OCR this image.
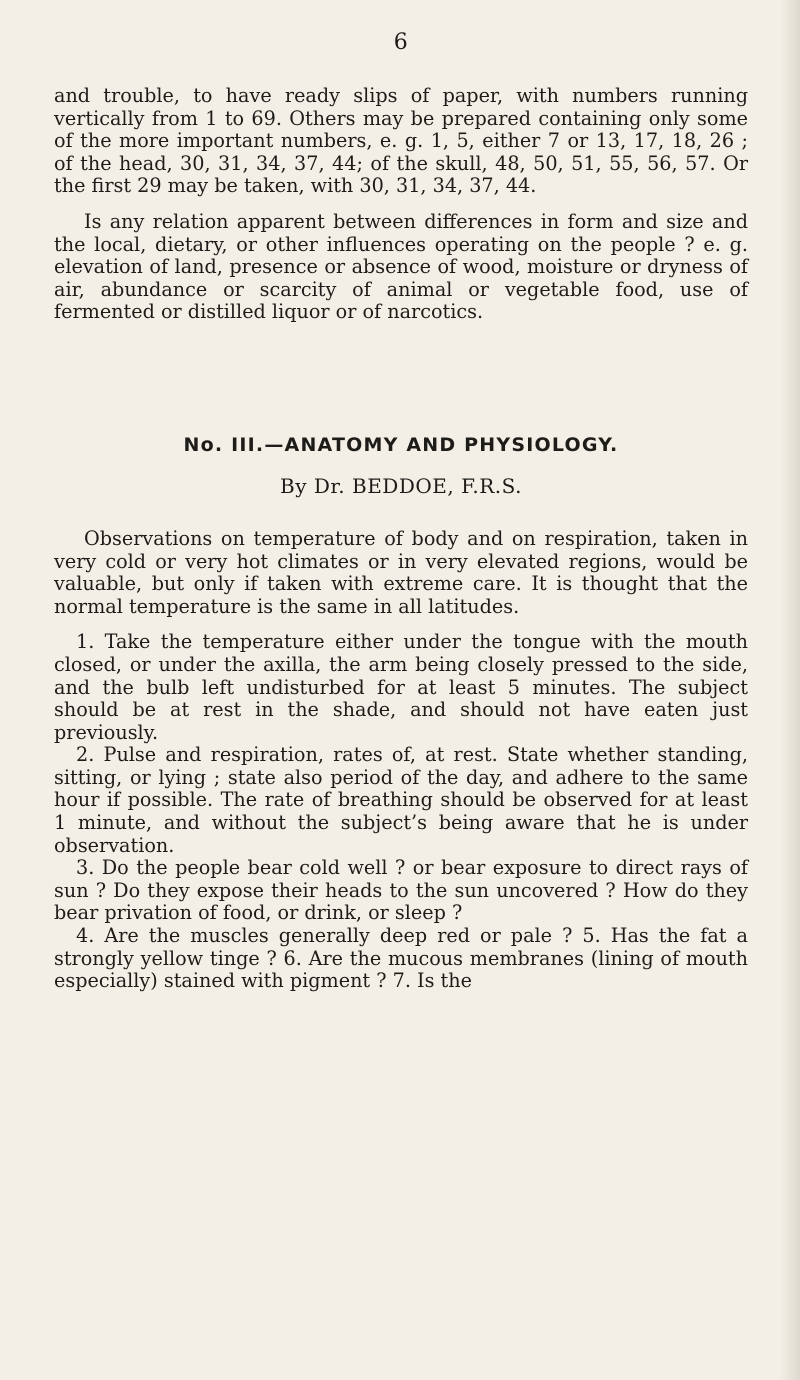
6

and trouble, to have ready slips of paper, with numbers running vertically from 1 to 69. Others may be prepared containing only some of the more important numbers, e. g. 1, 5, either 7 or 13, 17, 18, 26 ; of the head, 30, 31, 34, 37, 44; of the skull, 48, 50, 51, 55, 56, 57. Or the first 29 may be taken, with 30, 31, 34, 37, 44.

Is any relation apparent between differences in form and size and the local, dietary, or other influences operating on the people ? e. g. elevation of land, presence or absence of wood, moisture or dryness of air, abundance or scarcity of animal or vegetable food, use of fermented or distilled liquor or of narcotics.

No. III.—ANATOMY AND PHYSIOLOGY.
By Dr. BEDDOE, F.R.S.

Observations on temperature of body and on respiration, taken in very cold or very hot climates or in very elevated regions, would be valuable, but only if taken with extreme care. It is thought that the normal temperature is the same in all latitudes.

1. Take the temperature either under the tongue with the mouth closed, or under the axilla, the arm being closely pressed to the side, and the bulb left undisturbed for at least 5 minutes. The subject should be at rest in the shade, and should not have eaten just previously.

2. Pulse and respiration, rates of, at rest. State whether standing, sitting, or lying ; state also period of the day, and adhere to the same hour if possible. The rate of breathing should be observed for at least 1 minute, and without the subject’s being aware that he is under observation.

3. Do the people bear cold well ? or bear exposure to direct rays of sun ? Do they expose their heads to the sun uncovered ? How do they bear privation of food, or drink, or sleep ?

4. Are the muscles generally deep red or pale ? 5. Has the fat a strongly yellow tinge ? 6. Are the mucous membranes (lining of mouth especially) stained with pigment ? 7. Is the
